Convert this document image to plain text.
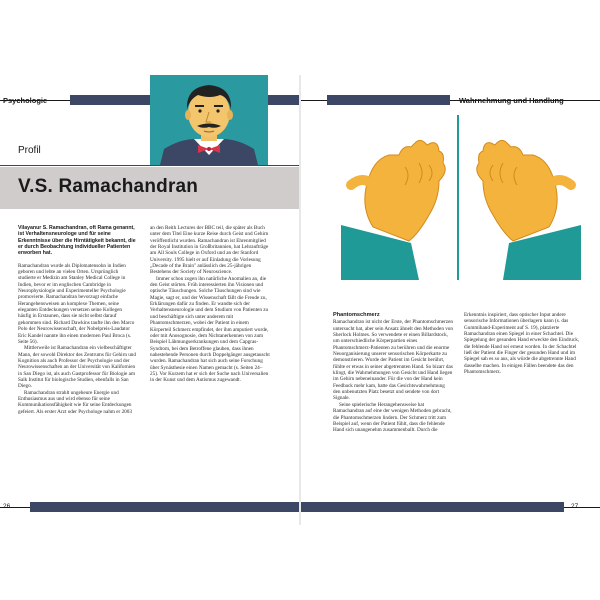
Psychologie
Profil
V.S. Ramachandran

Vilayanur S. Ramachandran, oft Rama genannt, ist Verhaltensneurologe und für seine Erkenntnisse über die Hirntätigkeit bekannt, die er durch Beobachtung individueller Patienten erworben hat.

Ramachandran wurde als Diplomatensohn in Indien geboren und lebte an vielen Orten. Ursprünglich studierte er Medizin am Stanley Medical College in Indien, bevor er im englischen Cambridge in Neurophysiologie und Experimenteller Psychologie promovierte. Ramachandran bevorzugt einfache Herangehensweisen an komplexe Themen, seine eleganten Entdeckungen versetzen seine Kollegen häufig in Erstaunen, dass sie nicht selbst darauf gekommen sind. Richard Dawkins taufte ihn den Marco Polo der Neurowissenschaft, der Nobelpreis-Laudator Eric Kandel nannte ihn einen modernen Paul Broca (s. Seite 56).

Mittlerweile ist Ramachandran ein vielbeschäftigter Mann, der sowohl Direktor des Zentrums für Gehirn und Kognition als auch Professor der Psychologie und der Neurowissenschaften an der Universität von Kalifornien in San Diego ist, als auch Gastprofessor für Biologie am Salk Institut für biologische Studien, ebenfalls in San Diego.

Ramachandran strahlt ungeheure Energie und Enthusiasmus aus und wird ebenso für seine Kommunikationsfähigkeit wie für seine Entdeckungen gefeiert. Als erster Arzt oder Psychologe nahm er 2003

an den Reith Lectures der BBC teil, die später als Buch unter dem Titel Eine kurze Reise durch Geist und Gehirn veröffentlicht wurden. Ramachandran ist Ehrenmitglied der Royal Institution in Großbritannien, hat Lehraufträge am All Souls College in Oxford und an der Stanford University. 1995 hielt er auf Einladung die Vorlesung „Decade of the Brain" anlässlich des 25-jährigen Bestehens der Society of Neuroscience.

Immer schon zogen ihn natürliche Anomalien an, die den Geist störten. Früh interessierten ihn Visionen und optische Täuschungen. Solche Täuschungen sind wie Magie, sagt er, und der Wissenschaft fällt die Freude zu, Erklärungen dafür zu finden. Er wandte sich der Verhaltensneurologie und dem Studium von Patienten zu und beschäftigte sich unter anderem mit Phantomschmerzen, wobei der Patient in einem Körperteil Schmerz empfindet, der ihm amputiert wurde, oder mit Anosognosie, dem Nichtanerkennen von zum Beispiel Lähmungserkrankungen und dem Capgras-Syndrom, bei dem Betroffene glauben, dass ihnen nahestehende Personen durch Doppelgänger ausgetauscht wurden. Ramachandran hat sich auch seine Forschung über Synästhesie einen Namen gemacht (s. Seiten 24–25). Vor Kurzem hat er sich der Suche nach Universalien in der Kunst und dem Autismus zugewandt.

26
Wahrnehmung und Handlung

Phantomschmerz

Ramachandran ist nicht der Erste, der Phantomschmerzen untersucht hat, aber sein Ansatz ähnelt den Methoden von Sherlock Holmes. So verwendete er einen Billardstock, um unterschiedliche Körperpartien eines Phantomschmerz-Patienten zu berühren und die enorme Neuorganisierung unserer sensorischen Körperkarte zu demonstrieren. Wurde der Patient im Gesicht berührt, fühlte er etwas in seiner abgetrennten Hand. So bizarr das klingt, die Wahrnehmungen von Gesicht und Hand liegen im Gehirn nebeneinander. Für die von der Hand kein Feedback mehr kam, hatte das Gesichtswahrnehmung den unbenutzten Platz besetzt und sendete von dort Signale.

Seine spielerische Herangehensweise hat Ramachandran auf eine der wenigen Methoden gebracht, die Phantomschmerzen lindern. Der Schmerz tritt zum Beispiel auf, wenn der Patient fühlt, dass die fehlende Hand sich unangenehm zusammenballt. Durch die

Erkenntnis inspiriert, dass optischer Input andere sensorische Informationen überlagern kann (s. das Gummihand-Experiment auf S. 19), platzierte Ramachandran einen Spiegel in einer Schachtel. Die Spiegelung der gesunden Hand erweckte den Eindruck, die fehlende Hand sei erneut worden. In der Schachtel ließ der Patient die Finger der gesunden Hand und im Spiegel sah es so aus, als würde die abgetrennte Hand dasselbe machen. In einigen Fällen beendete das den Phantomschmerz.

27
